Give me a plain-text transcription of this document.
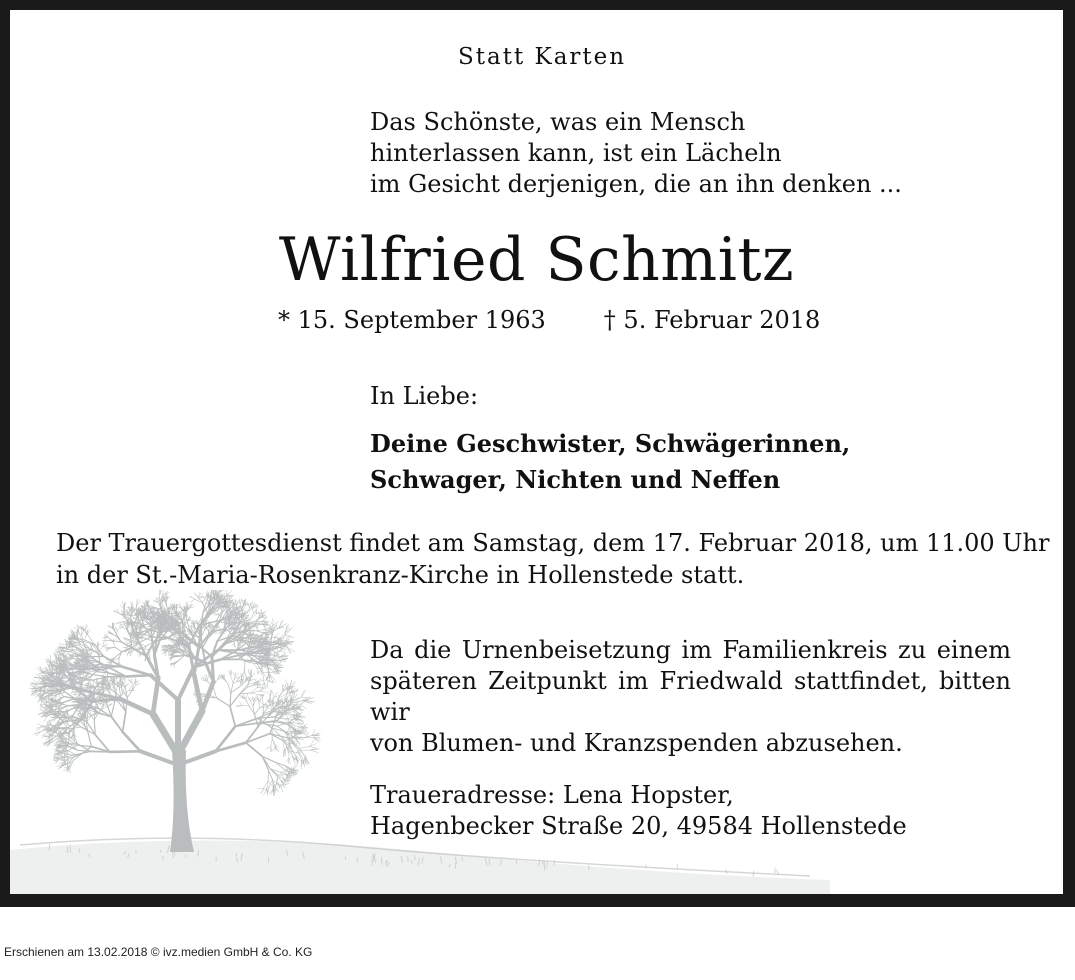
Statt Karten
Das Schönste, was ein Mensch
hinterlassen kann, ist ein Lächeln
im Gesicht derjenigen, die an ihn denken ...
Wilfried Schmitz
* 15. September 1963 † 5. Februar 2018
In Liebe:
Deine Geschwister, Schwägerinnen,
Schwager, Nichten und Neffen
Der Trauergottesdienst findet am Samstag, dem 17. Februar 2018, um 11.00 Uhr
in der St.-Maria-Rosenkranz-Kirche in Hollenstede statt.
Da die Urnenbeisetzung im Familienkreis zu einem
späteren Zeitpunkt im Friedwald stattfindet, bitten wir
von Blumen- und Kranzspenden abzusehen.
Traueradresse: Lena Hopster,
Hagenbecker Straße 20, 49584 Hollenstede
Erschienen am 13.02.2018 © ivz.medien GmbH & Co. KG
